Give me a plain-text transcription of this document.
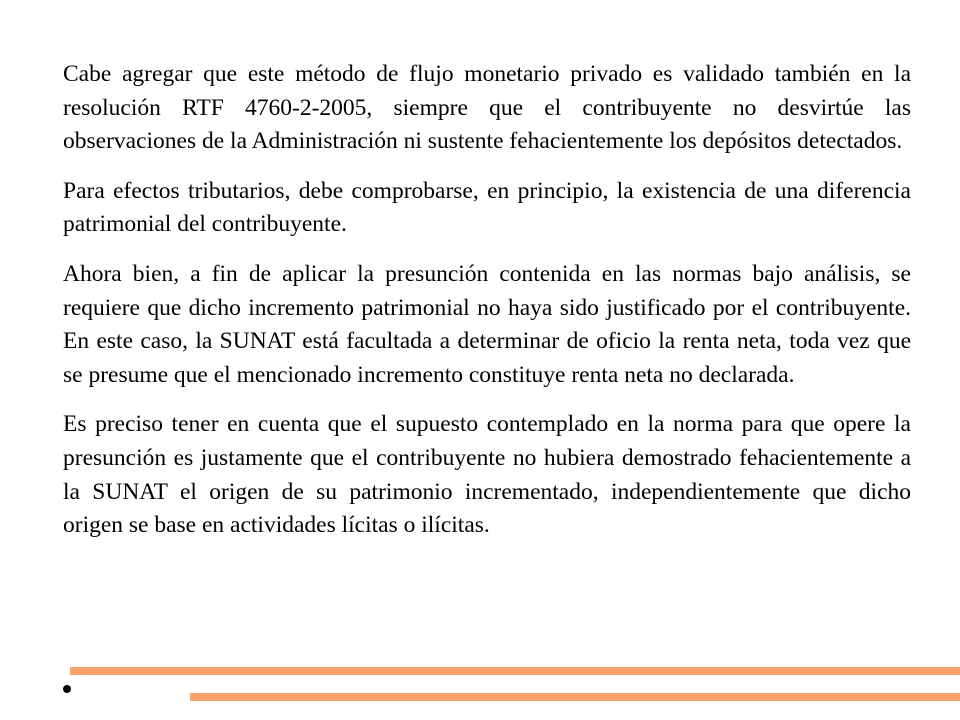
Cabe agregar que este método de flujo monetario privado es validado también en la resolución RTF 4760-2-2005, siempre que el contribuyente no desvirtúe las observaciones de la Administración ni sustente fehacientemente los depósitos detectados.

Para efectos tributarios, debe comprobarse, en principio, la existencia de una diferencia patrimonial del contribuyente.

Ahora bien, a fin de aplicar la presunción contenida en las normas bajo análisis, se requiere que dicho incremento patrimonial no haya sido justificado por el contribuyente. En este caso, la SUNAT está facultada a determinar de oficio la renta neta, toda vez que se presume que el mencionado incremento constituye renta neta no declarada.

Es preciso tener en cuenta que el supuesto contemplado en la norma para que opere la presunción es justamente que el contribuyente no hubiera demostrado fehacientemente a la SUNAT el origen de su patrimonio incrementado, independientemente que dicho origen se base en actividades lícitas o ilícitas.
